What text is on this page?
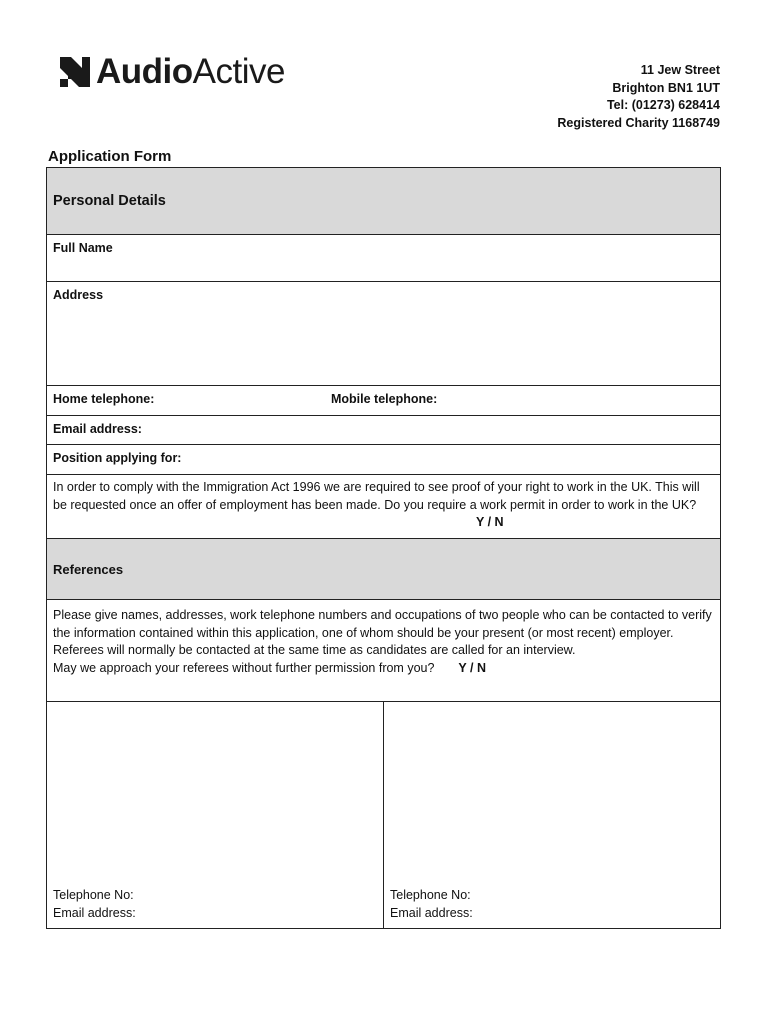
AudioActive	11 Jew Street
Brighton BN1 1UT
Tel: (01273) 628414
Registered Charity 1168749
Application Form
Personal Details
Full Name
Address
Home telephone:	Mobile telephone:
Email address:
Position applying for:
In order to comply with the Immigration Act 1996 we are required to see proof of your right to work in the UK. This will be requested once an offer of employment has been made. Do you require a work permit in order to work in the UK?
Y / N
References
Please give names, addresses, work telephone numbers and occupations of two people who can be contacted to verify the information contained within this application, one of whom should be your present (or most recent) employer. Referees will normally be contacted at the same time as candidates are called for an interview.
May we approach your referees without further permission from you? Y / N
Telephone No:
Email address:
Telephone No:
Email address:
